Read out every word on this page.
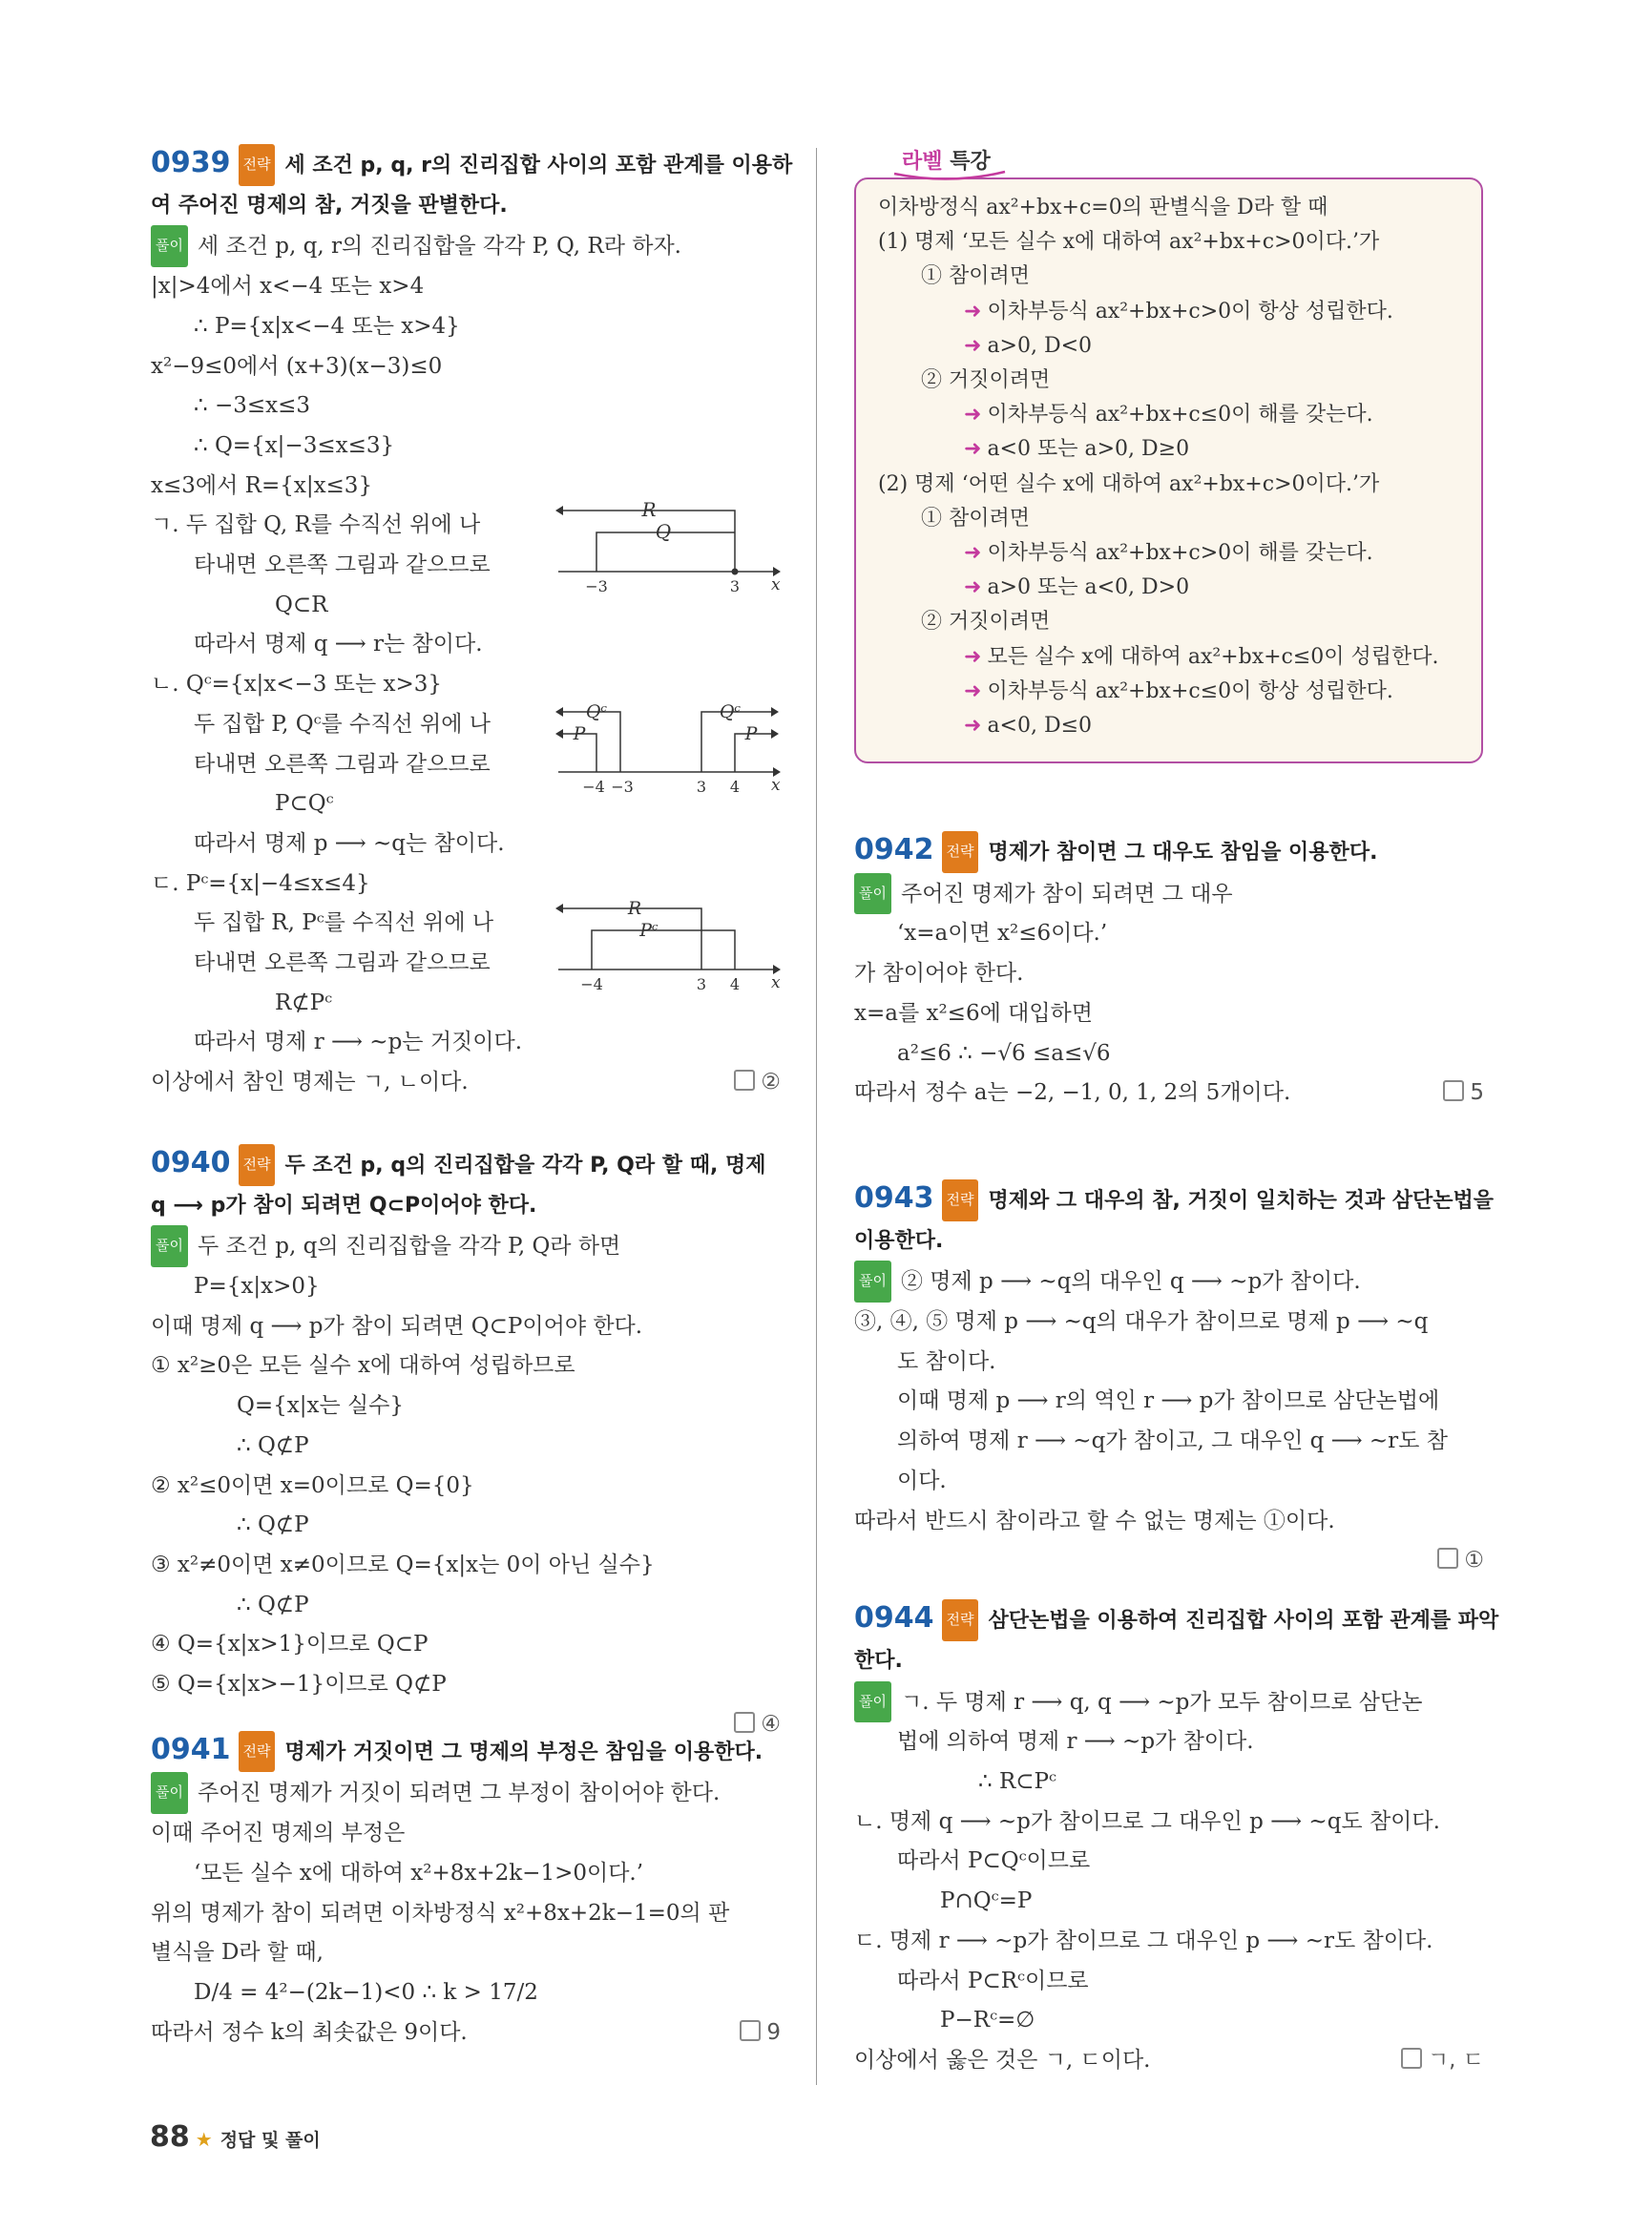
0939 전략 세 조건 p, q, r의 진리집합 사이의 포함 관계를 이용하
여 주어진 명제의 참, 거짓을 판별한다.
풀이 세 조건 p, q, r의 진리집합을 각각 P, Q, R라 하자.
|x|>4에서 x<−4 또는 x>4
∴ P={x|x<−4 또는 x>4}
x²−9≤0에서 (x+3)(x−3)≤0
∴ −3≤x≤3
∴ Q={x|−3≤x≤3}
x≤3에서 R={x|x≤3}
ㄱ. 두 집합 Q, R를 수직선 위에 나
타내면 오른쪽 그림과 같으므로
Q⊂R
따라서 명제 q ⟶ r는 참이다.
ㄴ. Qᶜ={x|x<−3 또는 x>3}
두 집합 P, Qᶜ를 수직선 위에 나
타내면 오른쪽 그림과 같으므로
P⊂Qᶜ
따라서 명제 p ⟶ ~q는 참이다.
ㄷ. Pᶜ={x|−4≤x≤4}
두 집합 R, Pᶜ를 수직선 위에 나
타내면 오른쪽 그림과 같으므로
R⊄Pᶜ
따라서 명제 r ⟶ ~p는 거짓이다.
이상에서 참인 명제는 ㄱ, ㄴ이다.	②
0940 전략 두 조건 p, q의 진리집합을 각각 P, Q라 할 때, 명제
q ⟶ p가 참이 되려면 Q⊂P이어야 한다.
풀이 두 조건 p, q의 진리집합을 각각 P, Q라 하면
P={x|x>0}
이때 명제 q ⟶ p가 참이 되려면 Q⊂P이어야 한다.
① x²≥0은 모든 실수 x에 대하여 성립하므로
Q={x|x는 실수}
∴ Q⊄P
② x²≤0이면 x=0이므로 Q={0}
∴ Q⊄P
③ x²≠0이면 x≠0이므로 Q={x|x는 0이 아닌 실수}
∴ Q⊄P
④ Q={x|x>1}이므로 Q⊂P
⑤ Q={x|x>−1}이므로 Q⊄P
④
0941 전략 명제가 거짓이면 그 명제의 부정은 참임을 이용한다.
풀이 주어진 명제가 거짓이 되려면 그 부정이 참이어야 한다.
이때 주어진 명제의 부정은
‘모든 실수 x에 대하여 x²+8x+2k−1>0이다.’
위의 명제가 참이 되려면 이차방정식 x²+8x+2k−1=0의 판
별식을 D라 할 때,
D/4 = 4²−(2k−1)<0 ∴ k > 17/2
따라서 정수 k의 최솟값은 9이다.	9
R
Q
−3	3 x
Qᶜ
P
Qᶜ
P
−4 −3	3 4 x
R
Pᶜ
−4	3 4 x
라벨 특강
이차방정식 ax²+bx+c=0의 판별식을 D라 할 때
(1) 명제 ‘모든 실수 x에 대하여 ax²+bx+c>0이다.’가
① 참이려면
➜ 이차부등식 ax²+bx+c>0이 항상 성립한다.
➜ a>0, D<0
② 거짓이려면
➜ 이차부등식 ax²+bx+c≤0이 해를 갖는다.
➜ a<0 또는 a>0, D≥0
(2) 명제 ‘어떤 실수 x에 대하여 ax²+bx+c>0이다.’가
① 참이려면
➜ 이차부등식 ax²+bx+c>0이 해를 갖는다.
➜ a>0 또는 a<0, D>0
② 거짓이려면
➜ 모든 실수 x에 대하여 ax²+bx+c≤0이 성립한다.
➜ 이차부등식 ax²+bx+c≤0이 항상 성립한다.
➜ a<0, D≤0
0942 전략 명제가 참이면 그 대우도 참임을 이용한다.
풀이 주어진 명제가 참이 되려면 그 대우
‘x=a이면 x²≤6이다.’
가 참이어야 한다.
x=a를 x²≤6에 대입하면
a²≤6 ∴ −√6 ≤a≤√6
따라서 정수 a는 −2, −1, 0, 1, 2의 5개이다.	5
0943 전략 명제와 그 대우의 참, 거짓이 일치하는 것과 삼단논법을
이용한다.
풀이 ② 명제 p ⟶ ~q의 대우인 q ⟶ ~p가 참이다.
③, ④, ⑤ 명제 p ⟶ ~q의 대우가 참이므로 명제 p ⟶ ~q
도 참이다.
이때 명제 p ⟶ r의 역인 r ⟶ p가 참이므로 삼단논법에
의하여 명제 r ⟶ ~q가 참이고, 그 대우인 q ⟶ ~r도 참
이다.
따라서 반드시 참이라고 할 수 없는 명제는 ①이다.
①
0944 전략 삼단논법을 이용하여 진리집합 사이의 포함 관계를 파악
한다.
풀이 ㄱ. 두 명제 r ⟶ q, q ⟶ ~p가 모두 참이므로 삼단논
법에 의하여 명제 r ⟶ ~p가 참이다.
∴ R⊂Pᶜ
ㄴ. 명제 q ⟶ ~p가 참이므로 그 대우인 p ⟶ ~q도 참이다.
따라서 P⊂Qᶜ이므로
P∩Qᶜ=P
ㄷ. 명제 r ⟶ ~p가 참이므로 그 대우인 p ⟶ ~r도 참이다.
따라서 P⊂Rᶜ이므로
P−Rᶜ=∅
이상에서 옳은 것은 ㄱ, ㄷ이다.	ㄱ, ㄷ
88 ★ 정답 및 풀이
